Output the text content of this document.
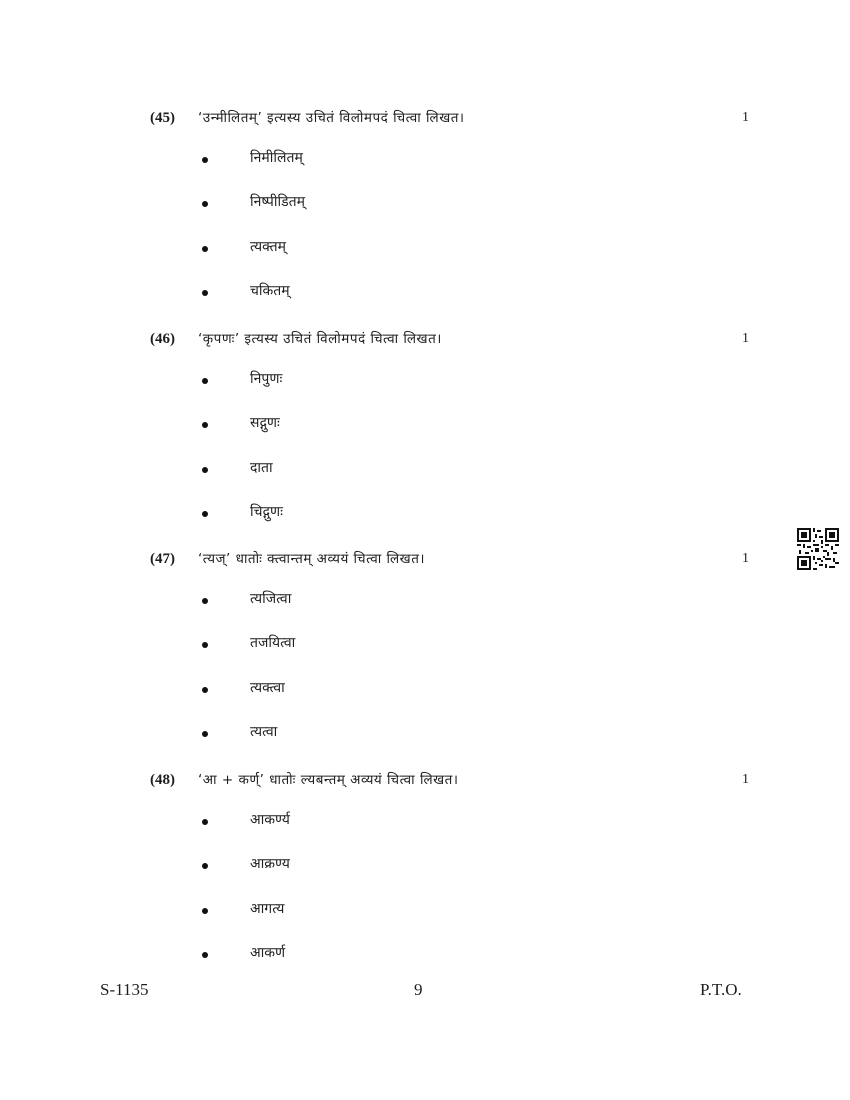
(45) ‘उन्मीलितम्’ इत्यस्य उचितं विलोमपदं चित्वा लिखत।	1
निमीलितम्
निष्पीडितम्
त्यक्तम्
चकितम्
(46) ‘कृपणः’ इत्यस्य उचितं विलोमपदं चित्वा लिखत।	1
निपुणः
सद्गुणः
दाता
चिद्गुणः
(47) ‘त्यज्’ धातोः क्त्वान्तम् अव्ययं चित्वा लिखत।	1
त्यजित्वा
तजयित्वा
त्यक्त्वा
त्यत्वा
(48) ‘आ + कर्ण्’ धातोः ल्यबन्तम् अव्ययं चित्वा लिखत।	1
आकर्ण्य
आक्रण्य
आगत्य
आकर्ण
S-1135	9	P.T.O.
